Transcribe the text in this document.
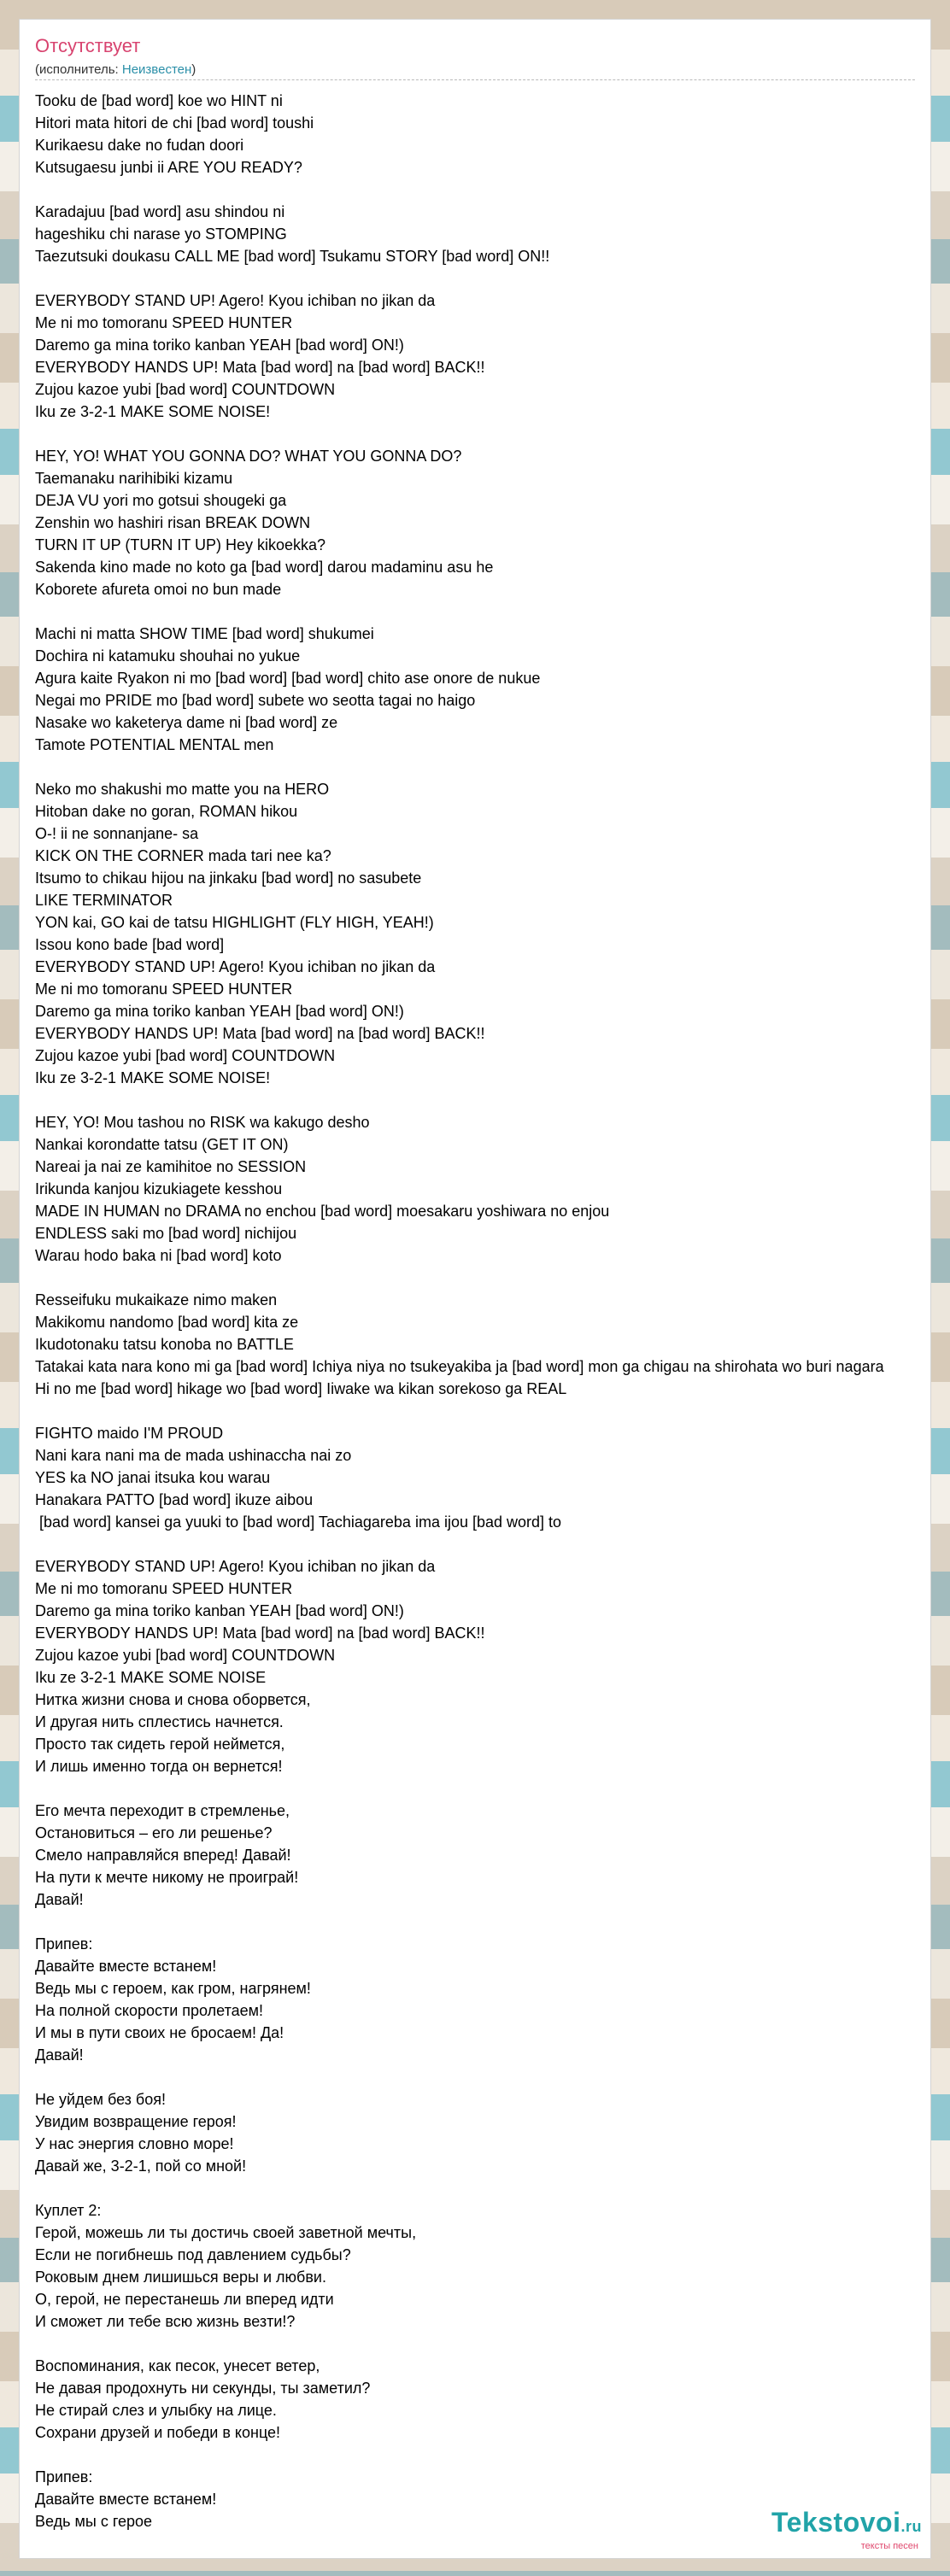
Отсутствует
(исполнитель: Неизвестен)
Tooku de [bad word] koe wo HINT ni
Hitori mata hitori de chi [bad word] toushi
Kurikaesu dake no fudan doori
Kutsugaesu junbi ii ARE YOU READY?
Karadajuu [bad word] asu shindou ni
hageshiku chi narase yo STOMPING
Taezutsuki doukasu CALL ME [bad word] Tsukamu STORY [bad word] ON!!
EVERYBODY STAND UP! Agero! Kyou ichiban no jikan da
Me ni mo tomoranu SPEED HUNTER
Daremo ga mina toriko kanban YEAH [bad word] ON!)
EVERYBODY HANDS UP! Mata [bad word] na [bad word] BACK!!
Zujou kazoe yubi [bad word] COUNTDOWN
Iku ze 3-2-1 MAKE SOME NOISE!
HEY, YO! WHAT YOU GONNA DO? WHAT YOU GONNA DO?
Taemanaku narihibiki kizamu
DEJA VU yori mo gotsui shougeki ga
Zenshin wo hashiri risan BREAK DOWN
TURN IT UP (TURN IT UP) Hey kikoekka?
Sakenda kino made no koto ga [bad word] darou madaminu asu he
Koborete afureta omoi no bun made
Machi ni matta SHOW TIME [bad word] shukumei
Dochira ni katamuku shouhai no yukue
Agura kaite Ryakon ni mo [bad word] [bad word] chito ase onore de nukue
Negai mo PRIDE mo [bad word] subete wo seotta tagai no haigo
Nasake wo kaketerya dame ni [bad word] ze
Tamote POTENTIAL MENTAL men
Neko mo shakushi mo matte you na HERO
Hitoban dake no goran, ROMAN hikou
O-! ii ne sonnanjane- sa
KICK ON THE CORNER mada tari nee ka?
Itsumo to chikau hijou na jinkaku [bad word] no sasubete
LIKE TERMINATOR
YON kai, GO kai de tatsu HIGHLIGHT (FLY HIGH, YEAH!)
Issou kono bade [bad word]
EVERYBODY STAND UP! Agero! Kyou ichiban no jikan da
Me ni mo tomoranu SPEED HUNTER
Daremo ga mina toriko kanban YEAH [bad word] ON!)
EVERYBODY HANDS UP! Mata [bad word] na [bad word] BACK!!
Zujou kazoe yubi [bad word] COUNTDOWN
Iku ze 3-2-1 MAKE SOME NOISE!
HEY, YO! Mou tashou no RISK wa kakugo desho
Nankai korondatte tatsu (GET IT ON)
Nareai ja nai ze kamihitoe no SESSION
Irikunda kanjou kizukiagete kesshou
MADE IN HUMAN no DRAMA no enchou [bad word] moesakaru yoshiwara no enjou
ENDLESS saki mo [bad word] nichijou
Warau hodo baka ni [bad word] koto
Resseifuku mukaikaze nimo maken
Makikomu nandomo [bad word] kita ze
Ikudotonaku tatsu konoba no BATTLE
Tatakai kata nara kono mi ga [bad word] Ichiya niya no tsukeyakiba ja [bad word] mon ga chigau na shirohata wo buri nagara
Hi no me [bad word] hikage wo [bad word] Iiwake wa kikan sorekoso ga REAL
FIGHTO maido I'M PROUD
Nani kara nani ma de mada ushinaccha nai zo
YES ka NO janai itsuka kou warau
Hanakara PATTO [bad word] ikuze aibou
[bad word] kansei ga yuuki to [bad word] Tachiagareba ima ijou [bad word] to
EVERYBODY STAND UP! Agero! Kyou ichiban no jikan da
Me ni mo tomoranu SPEED HUNTER
Daremo ga mina toriko kanban YEAH [bad word] ON!)
EVERYBODY HANDS UP! Mata [bad word] na [bad word] BACK!!
Zujou kazoe yubi [bad word] COUNTDOWN
Iku ze 3-2-1 MAKE SOME NOISE
Нитка жизни снова и снова оборвется,
И другая нить сплестись начнется.
Просто так сидеть герой неймется,
И лишь именно тогда он вернется!
Его мечта переходит в стремленье,
Остановиться – его ли решенье?
Смело направляйся вперед! Давай!
На пути к мечте никому не проиграй!
Давай!
Припев:
Давайте вместе встанем!
Ведь мы с героем, как гром, нагрянем!
На полной скорости пролетаем!
И мы в пути своих не бросаем! Да!
Давай!
Не уйдем без боя!
Увидим возвращение героя!
У нас энергия словно море!
Давай же, 3-2-1, пой со мной!
Куплет 2:
Герой, можешь ли ты достичь своей заветной мечты,
Если не погибнешь под давлением судьбы?
Роковым днем лишишься веры и любви.
О, герой, не перестанешь ли вперед идти
И сможет ли тебе всю жизнь везти!?
Воспоминания, как песок, унесет ветер,
Не давая продохнуть ни секунды, ты заметил?
Не стирай слез и улыбку на лице.
Сохрани друзей и победи в конце!
Припев:
Давайте вместе встанем!
Ведь мы с герое	Tekstovoi.ru
тексты песен
